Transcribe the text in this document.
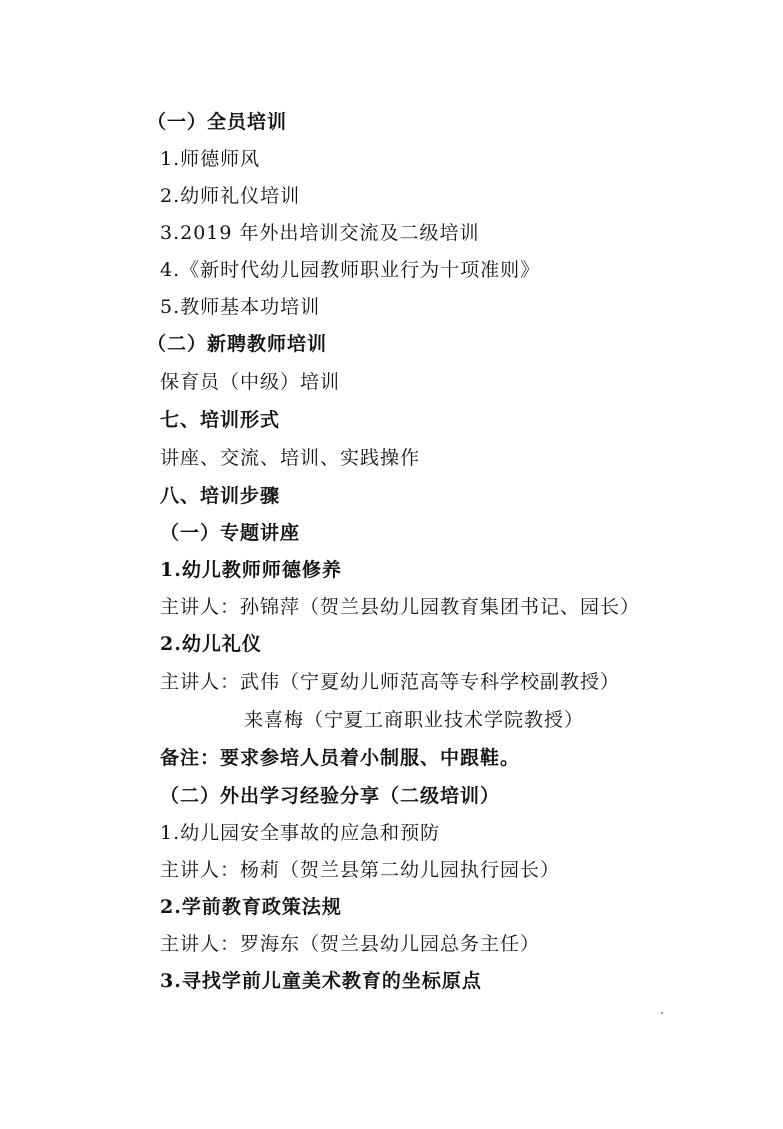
（一）全员培训
1.师德师风
2.幼师礼仪培训
3.2019 年外出培训交流及二级培训
4.《新时代幼儿园教师职业行为十项准则》
5.教师基本功培训
（二）新聘教师培训
保育员（中级）培训
七、培训形式
讲座、交流、培训、实践操作
八、培训步骤
（一）专题讲座
1.幼儿教师师德修养
主讲人：孙锦萍（贺兰县幼儿园教育集团书记、园长）
2.幼儿礼仪
主讲人：武伟（宁夏幼儿师范高等专科学校副教授）
来喜梅（宁夏工商职业技术学院教授）
备注：要求参培人员着小制服、中跟鞋。
（二）外出学习经验分享（二级培训）
1.幼儿园安全事故的应急和预防
主讲人：杨莉（贺兰县第二幼儿园执行园长）
2.学前教育政策法规
主讲人：罗海东（贺兰县幼儿园总务主任）
3.寻找学前儿童美术教育的坐标原点
